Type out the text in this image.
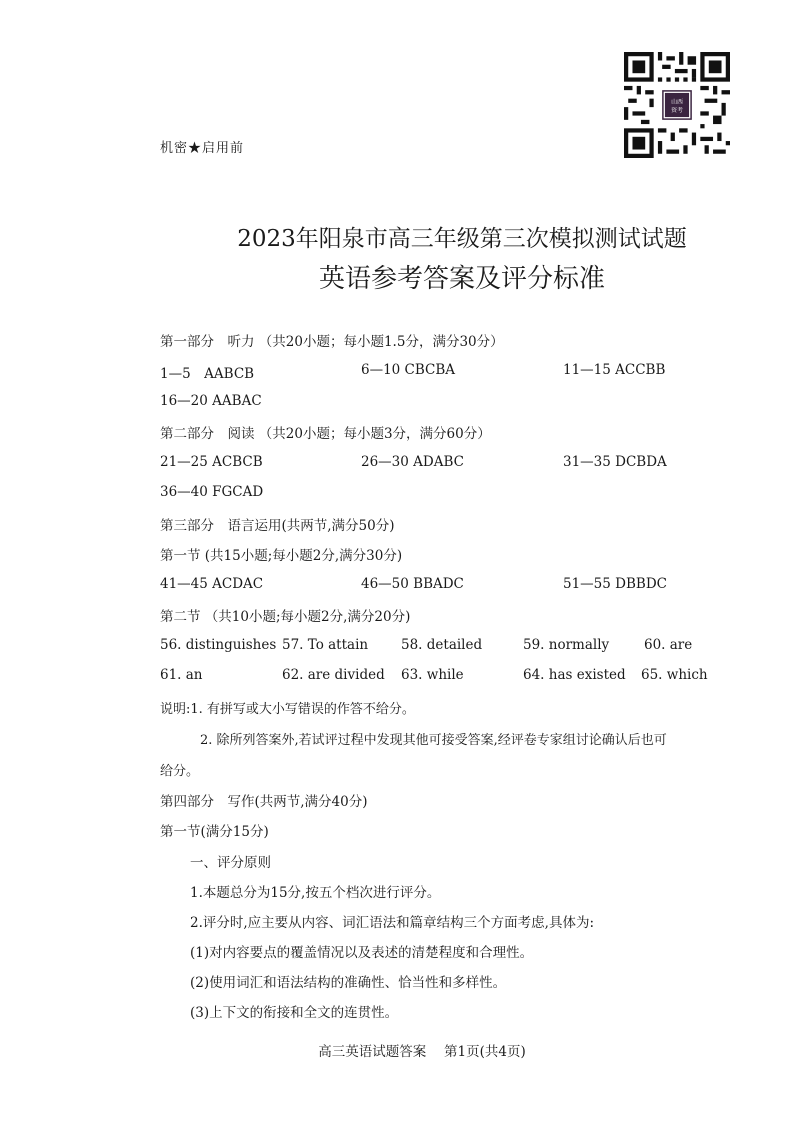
山西
资考
机密★启用前
2023年阳泉市高三年级第三次模拟测试试题
英语参考答案及评分标准
第一部分　听力 （共20小题；每小题1.5分，满分30分）
1—5　AABCB	6—10 CBCBA	11—15 ACCBB
16—20 AABAC
第二部分　阅读 （共20小题；每小题3分，满分60分）
21—25 ACBCB	26—30 ADABC	31—35 DCBDA
36—40 FGCAD
第三部分　语言运用(共两节,满分50分)
第一节 (共15小题;每小题2分,满分30分)
41—45 ACDAC	46—50 BBADC	51—55 DBBDC
第二节 （共10小题;每小题2分,满分20分)
56. distinguishes 57. To attain 58. detailed	59. normally	60. are
61. an	62. are divided 63. while	64. has existed 65. which
说明:1. 有拼写或大小写错误的作答不给分。
2. 除所列答案外,若试评过程中发现其他可接受答案,经评卷专家组讨论确认后也可
给分。
第四部分　写作(共两节,满分40分)
第一节(满分15分)
一、评分原则
1.本题总分为15分,按五个档次进行评分。
2.评分时,应主要从内容、词汇语法和篇章结构三个方面考虑,具体为:
(1)对内容要点的覆盖情况以及表述的清楚程度和合理性。
(2)使用词汇和语法结构的准确性、恰当性和多样性。
(3)上下文的衔接和全文的连贯性。
高三英语试题答案　 第1页(共4页)
